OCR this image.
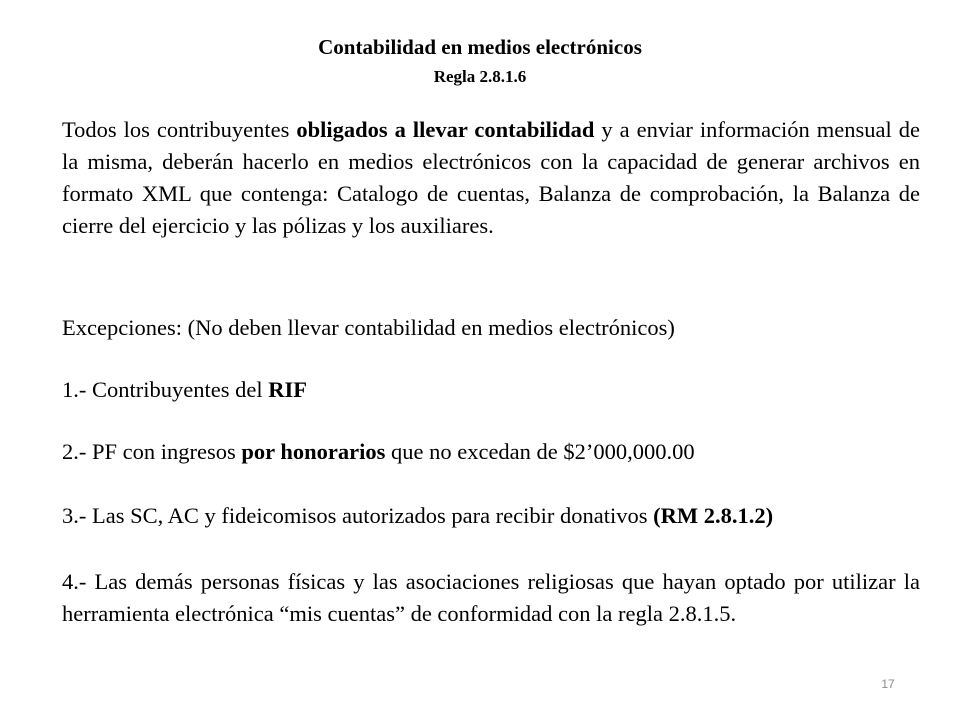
Contabilidad en medios electrónicos
Regla 2.8.1.6

Todos los contribuyentes obligados a llevar contabilidad y a enviar información mensual de la misma, deberán hacerlo en medios electrónicos con la capacidad de generar archivos en formato XML que contenga: Catalogo de cuentas, Balanza de comprobación, la Balanza de cierre del ejercicio y las pólizas y los auxiliares.

Excepciones: (No deben llevar contabilidad en medios electrónicos)

1.- Contribuyentes del RIF

2.- PF con ingresos por honorarios que no excedan de $2’000,000.00

3.- Las SC, AC y fideicomisos autorizados para recibir donativos (RM 2.8.1.2)

4.- Las demás personas físicas y las asociaciones religiosas que hayan optado por utilizar la herramienta electrónica “mis cuentas” de conformidad con la regla 2.8.1.5.

17
